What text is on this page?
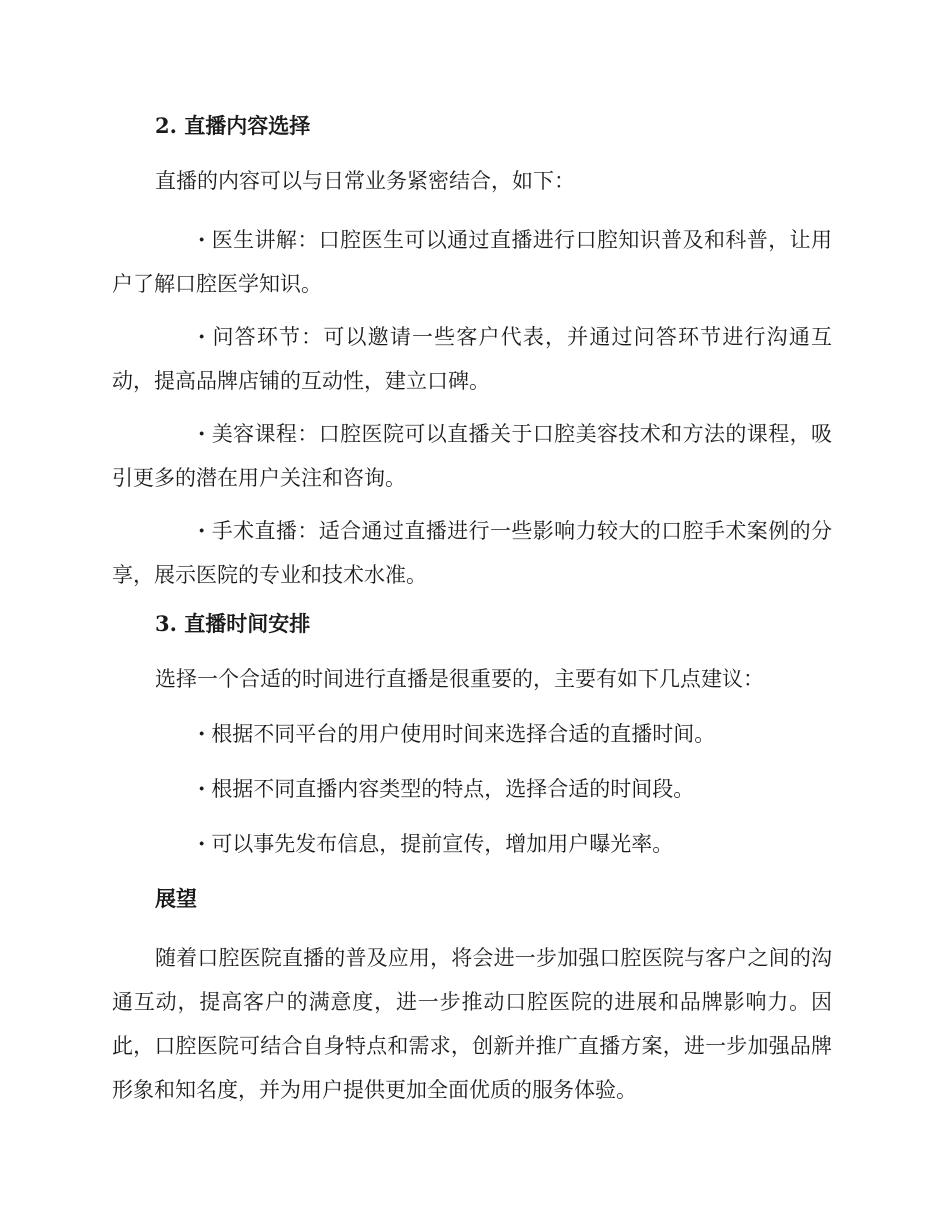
2. 直播内容选择

直播的内容可以与日常业务紧密结合，如下：

· 医生讲解：口腔医生可以通过直播进行口腔知识普及和科普，让用户了解口腔医学知识。

· 问答环节：可以邀请一些客户代表，并通过问答环节进行沟通互动，提高品牌店铺的互动性，建立口碑。

· 美容课程：口腔医院可以直播关于口腔美容技术和方法的课程，吸引更多的潜在用户关注和咨询。

· 手术直播：适合通过直播进行一些影响力较大的口腔手术案例的分享，展示医院的专业和技术水准。

3. 直播时间安排

选择一个合适的时间进行直播是很重要的，主要有如下几点建议：

· 根据不同平台的用户使用时间来选择合适的直播时间。

· 根据不同直播内容类型的特点，选择合适的时间段。

· 可以事先发布信息，提前宣传，增加用户曝光率。

展望

随着口腔医院直播的普及应用，将会进一步加强口腔医院与客户之间的沟通互动，提高客户的满意度，进一步推动口腔医院的进展和品牌影响力。因此，口腔医院可结合自身特点和需求，创新并推广直播方案，进一步加强品牌形象和知名度，并为用户提供更加全面优质的服务体验。
